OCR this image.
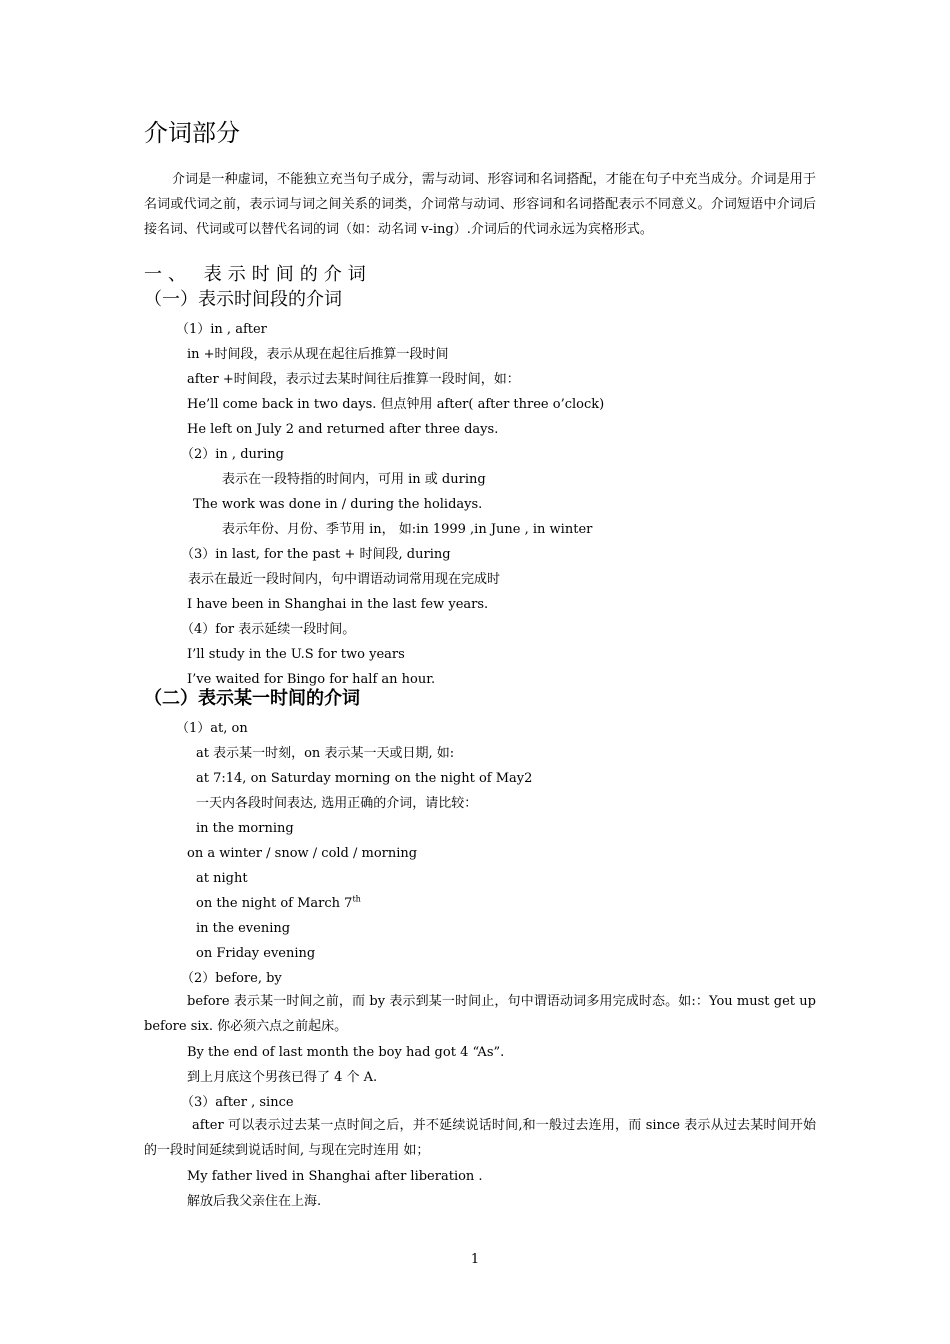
介词部分
介词是一种虚词，不能独立充当句子成分，需与动词、形容词和名词搭配，才能在句子中充当成分。介词是用于名词或代词之前，表示词与词之间关系的词类，介词常与动词、形容词和名词搭配表示不同意义。介词短语中介词后接名词、代词或可以替代名词的词（如：动名词 v-ing）.介词后的代词永远为宾格形式。
一、 表示时间的介词
（一）表示时间段的介词
（1）in , after
in +时间段，表示从现在起往后推算一段时间
after +时间段，表示过去某时间往后推算一段时间，如：
He’ll come back in two days. 但点钟用 after( after three o’clock)
He left on July 2 and returned after three days.
（2）in , during
表示在一段特指的时间内，可用 in 或 during
The work was done in / during the holidays.
表示年份、月份、季节用 in， 如:in 1999 ,in June , in winter
（3）in last, for the past + 时间段, during
表示在最近一段时间内，句中谓语动词常用现在完成时
I have been in Shanghai in the last few years.
（4）for 表示延续一段时间。
I’ll study in the U.S for two years
I’ve waited for Bingo for half an hour.
（二）表示某一时间的介词
（1）at, on
at 表示某一时刻，on 表示某一天或日期, 如:
at 7:14, on Saturday morning on the night of May2
一天内各段时间表达, 选用正确的介词，请比较：
in the morning
on a winter / snow / cold / morning
at night
on the night of March 7th
in the evening
on Friday evening
（2）before, by
before 表示某一时间之前，而 by 表示到某一时间止，句中谓语动词多用完成时态。如:：You must get up before six. 你必须六点之前起床。
By the end of last month the boy had got 4 “As”.
到上月底这个男孩已得了 4 个 A.
（3）after , since
after 可以表示过去某一点时间之后，并不延续说话时间,和一般过去连用，而 since 表示从过去某时间开始的一段时间延续到说话时间, 与现在完时连用 如；
My father lived in Shanghai after liberation .
解放后我父亲住在上海.
1
